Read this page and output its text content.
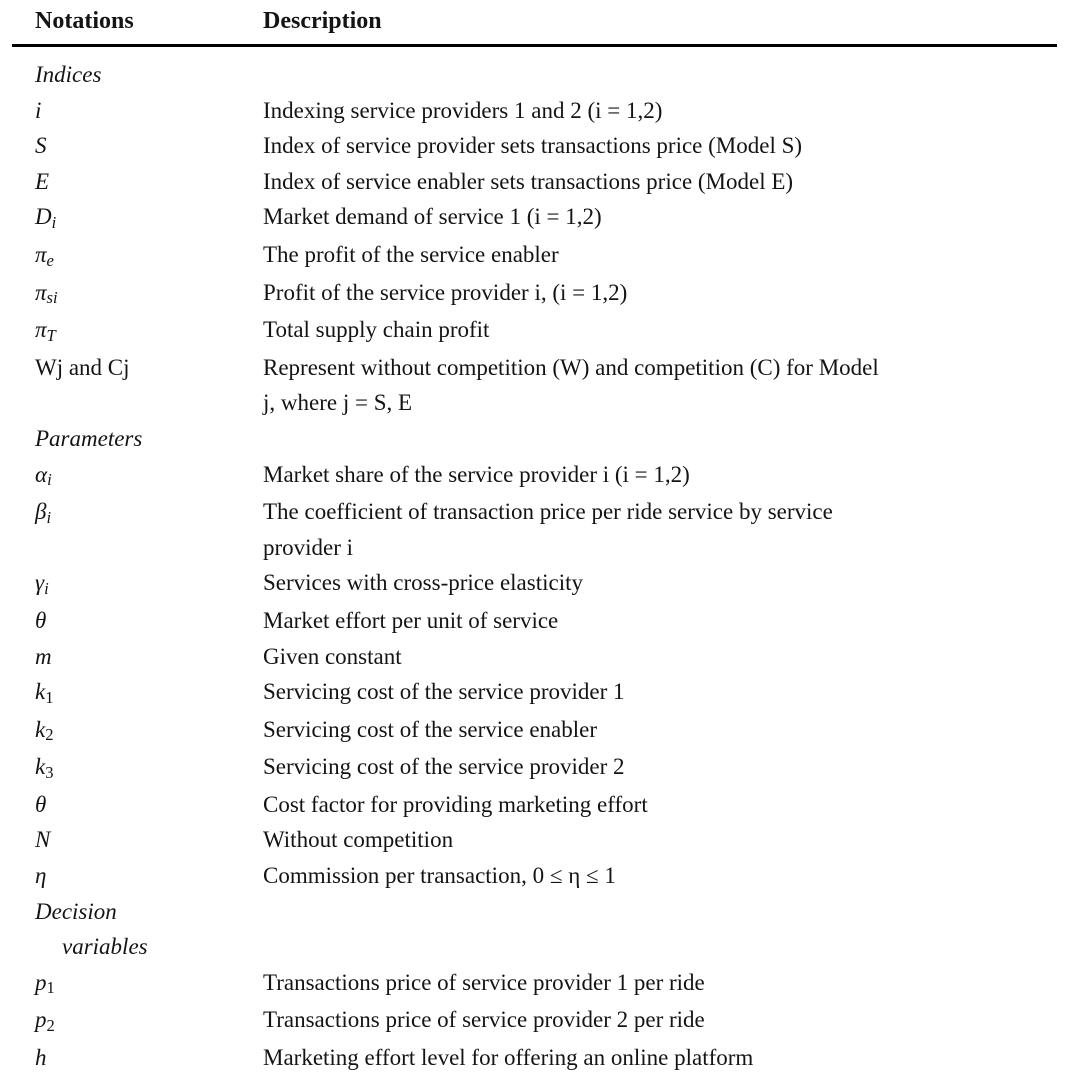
Notations	Description
Indices
i	Indexing service providers 1 and 2 (i = 1,2)
S	Index of service provider sets transactions price (Model S)
E	Index of service enabler sets transactions price (Model E)
Di	Market demand of service 1 (i = 1,2)
πe	The profit of the service enabler
πsi	Profit of the service provider i, (i = 1,2)
πT	Total supply chain profit
Wj and Cj	Represent without competition (W) and competition (C) for Model
j, where j = S, E
Parameters
αi	Market share of the service provider i (i = 1,2)
βi	The coefficient of transaction price per ride service by service
provider i
γi	Services with cross-price elasticity
θ	Market effort per unit of service
m	Given constant
k1	Servicing cost of the service provider 1
k2	Servicing cost of the service enabler
k3	Servicing cost of the service provider 2
θ	Cost factor for providing marketing effort
N	Without competition
η	Commission per transaction, 0 ≤ η ≤ 1
Decision
variables
p1	Transactions price of service provider 1 per ride
p2	Transactions price of service provider 2 per ride
h	Marketing effort level for offering an online platform
